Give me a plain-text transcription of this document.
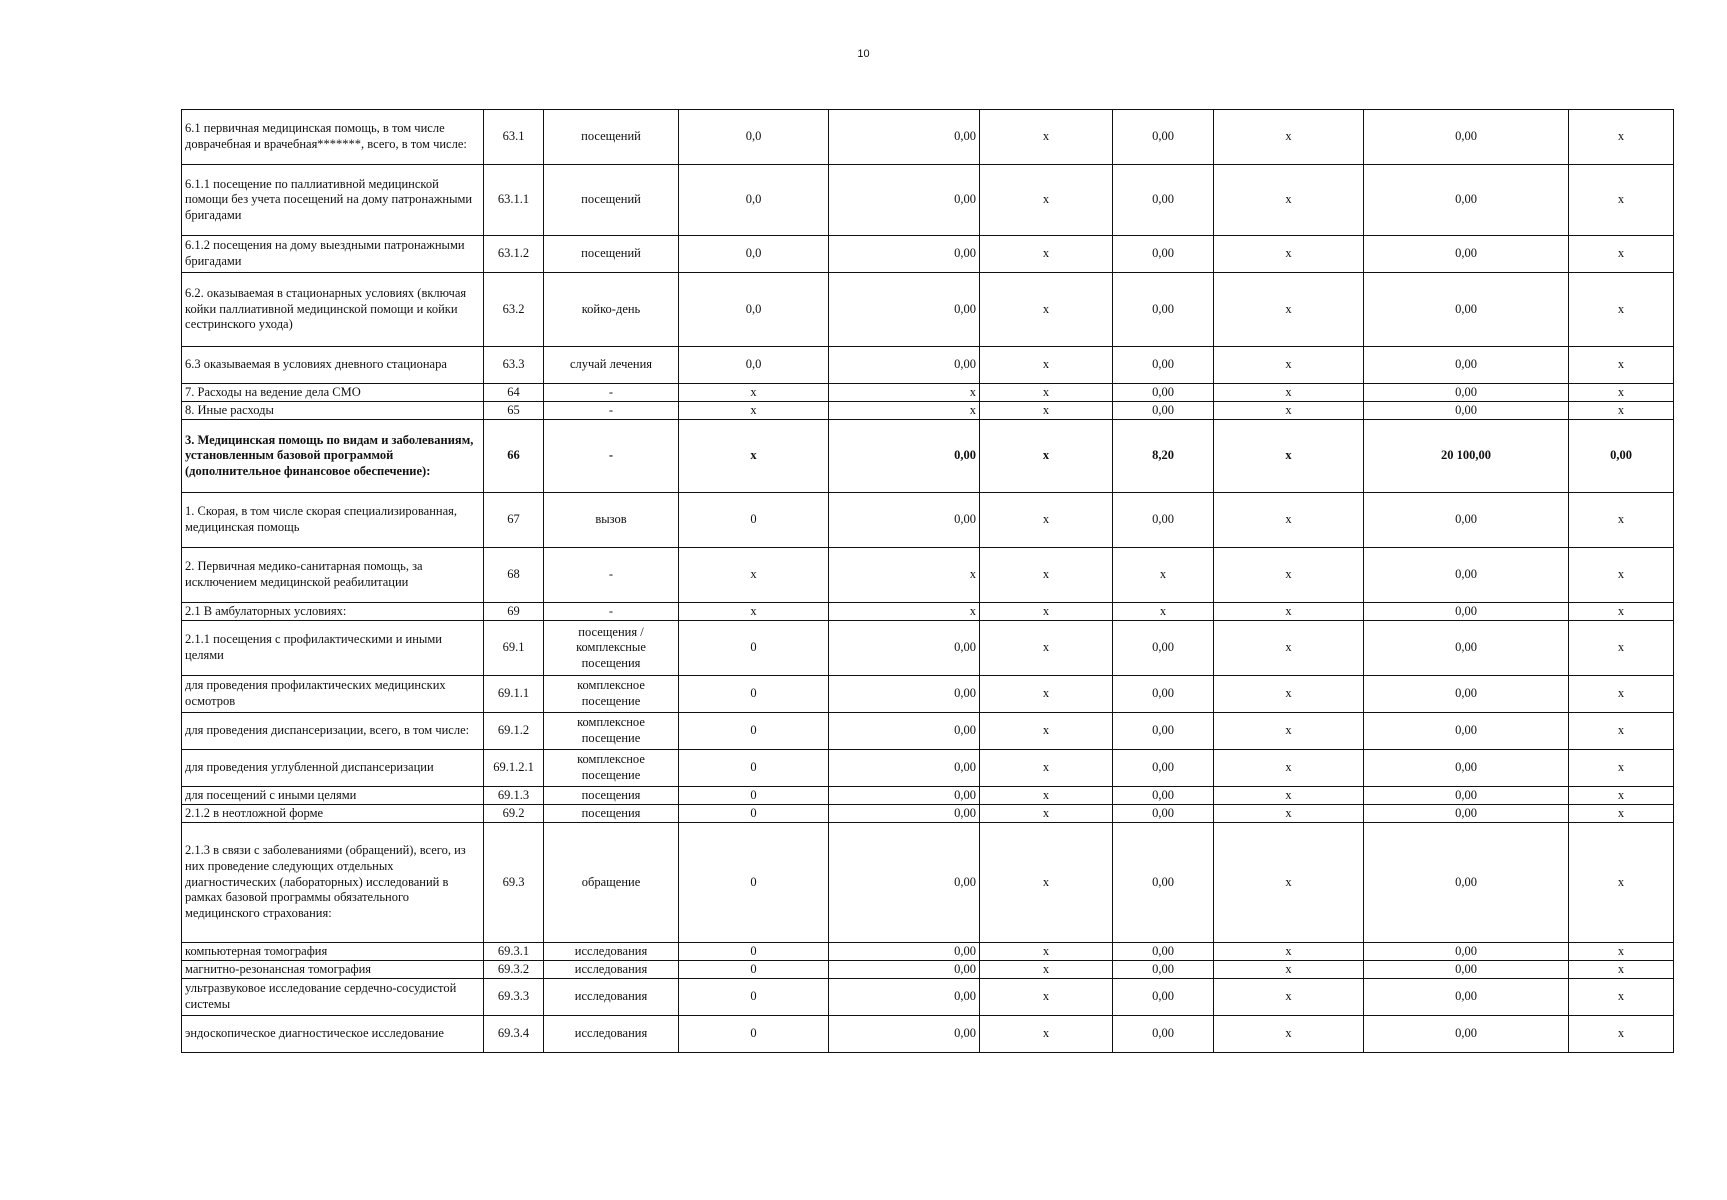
10
6.1 первичная медицинская помощь, в том числе доврачебная и врачебная*******, всего, в том числе:	63.1	посещений	0,0	0,00	x	0,00	x	0,00	x
6.1.1 посещение по паллиативной медицинской помощи без учета посещений на дому патронажными бригадами	63.1.1	посещений	0,0	0,00	x	0,00	x	0,00	x
6.1.2 посещения на дому выездными патронажными бригадами	63.1.2	посещений	0,0	0,00	x	0,00	x	0,00	x
6.2. оказываемая в стационарных условиях (включая койки паллиативной медицинской помощи и койки сестринского ухода)	63.2	койко-день	0,0	0,00	x	0,00	x	0,00	x
6.3 оказываемая в условиях дневного стационара	63.3	случай лечения	0,0	0,00	x	0,00	x	0,00	x
7. Расходы на ведение дела СМО	64	-	x	x	x	0,00	x	0,00	x
8. Иные расходы	65	-	x	x	x	0,00	x	0,00	x
3. Медицинская помощь по видам и заболеваниям, установленным базовой программой (дополнительное финансовое обеспечение):	66	-	x	0,00	x	8,20	x	20 100,00	0,00
1. Скорая, в том числе скорая специализированная, медицинская помощь	67	вызов	0	0,00	x	0,00	x	0,00	x
2. Первичная медико-санитарная помощь, за исключением медицинской реабилитации	68	-	x	x	x	x	x	0,00	x
2.1 В амбулаторных условиях:	69	-	x	x	x	x	x	0,00	x
2.1.1 посещения с профилактическими и иными целями	69.1	посещения / комплексные посещения	0	0,00	x	0,00	x	0,00	x
для проведения профилактических медицинских осмотров	69.1.1	комплексное посещение	0	0,00	x	0,00	x	0,00	x
для проведения диспансеризации, всего, в том числе:	69.1.2	комплексное посещение	0	0,00	x	0,00	x	0,00	x
для проведения углубленной диспансеризации	69.1.2.1	комплексное посещение	0	0,00	x	0,00	x	0,00	x
для посещений с иными целями	69.1.3	посещения	0	0,00	x	0,00	x	0,00	x
2.1.2 в неотложной форме	69.2	посещения	0	0,00	x	0,00	x	0,00	x
2.1.3 в связи с заболеваниями (обращений), всего, из них проведение следующих отдельных диагностических (лабораторных) исследований в рамках базовой программы обязательного медицинского страхования:	69.3	обращение	0	0,00	x	0,00	x	0,00	x
компьютерная томография	69.3.1	исследования	0	0,00	x	0,00	x	0,00	x
магнитно-резонансная томография	69.3.2	исследования	0	0,00	x	0,00	x	0,00	x
ультразвуковое исследование сердечно-сосудистой системы	69.3.3	исследования	0	0,00	x	0,00	x	0,00	x
эндоскопическое диагностическое исследование	69.3.4	исследования	0	0,00	x	0,00	x	0,00	x
